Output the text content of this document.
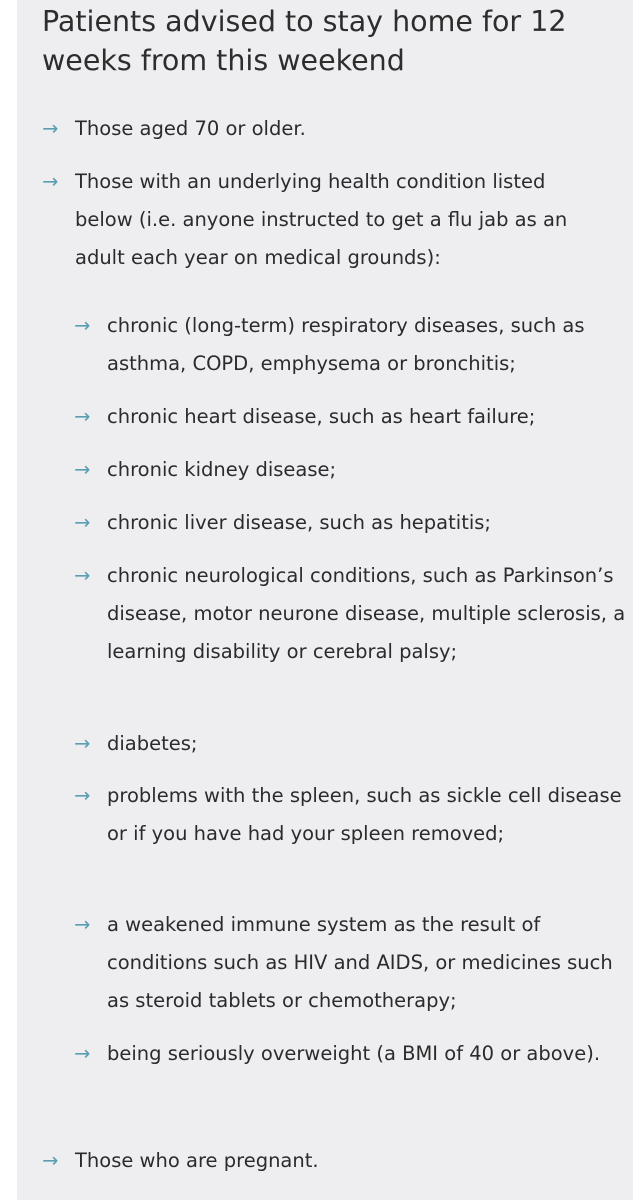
Patients advised to stay home for 12
weeks from this weekend
→ Those aged 70 or older.
→ Those with an underlying health condition listed below (i.e. anyone instructed to get a flu jab as an adult each year on medical grounds):
→ chronic (long-term) respiratory diseases, such as asthma, COPD, emphysema or bronchitis;
→ chronic heart disease, such as heart failure;
→ chronic kidney disease;
→ chronic liver disease, such as hepatitis;
→ chronic neurological conditions, such as Parkinson’s disease, motor neurone disease, multiple sclerosis, a learning disability or cerebral palsy;
→ diabetes;
→ problems with the spleen, such as sickle cell disease or if you have had your spleen removed;
→ a weakened immune system as the result of conditions such as HIV and AIDS, or medicines such as steroid tablets or chemotherapy;
→ being seriously overweight (a BMI of 40 or above).
→ Those who are pregnant.
